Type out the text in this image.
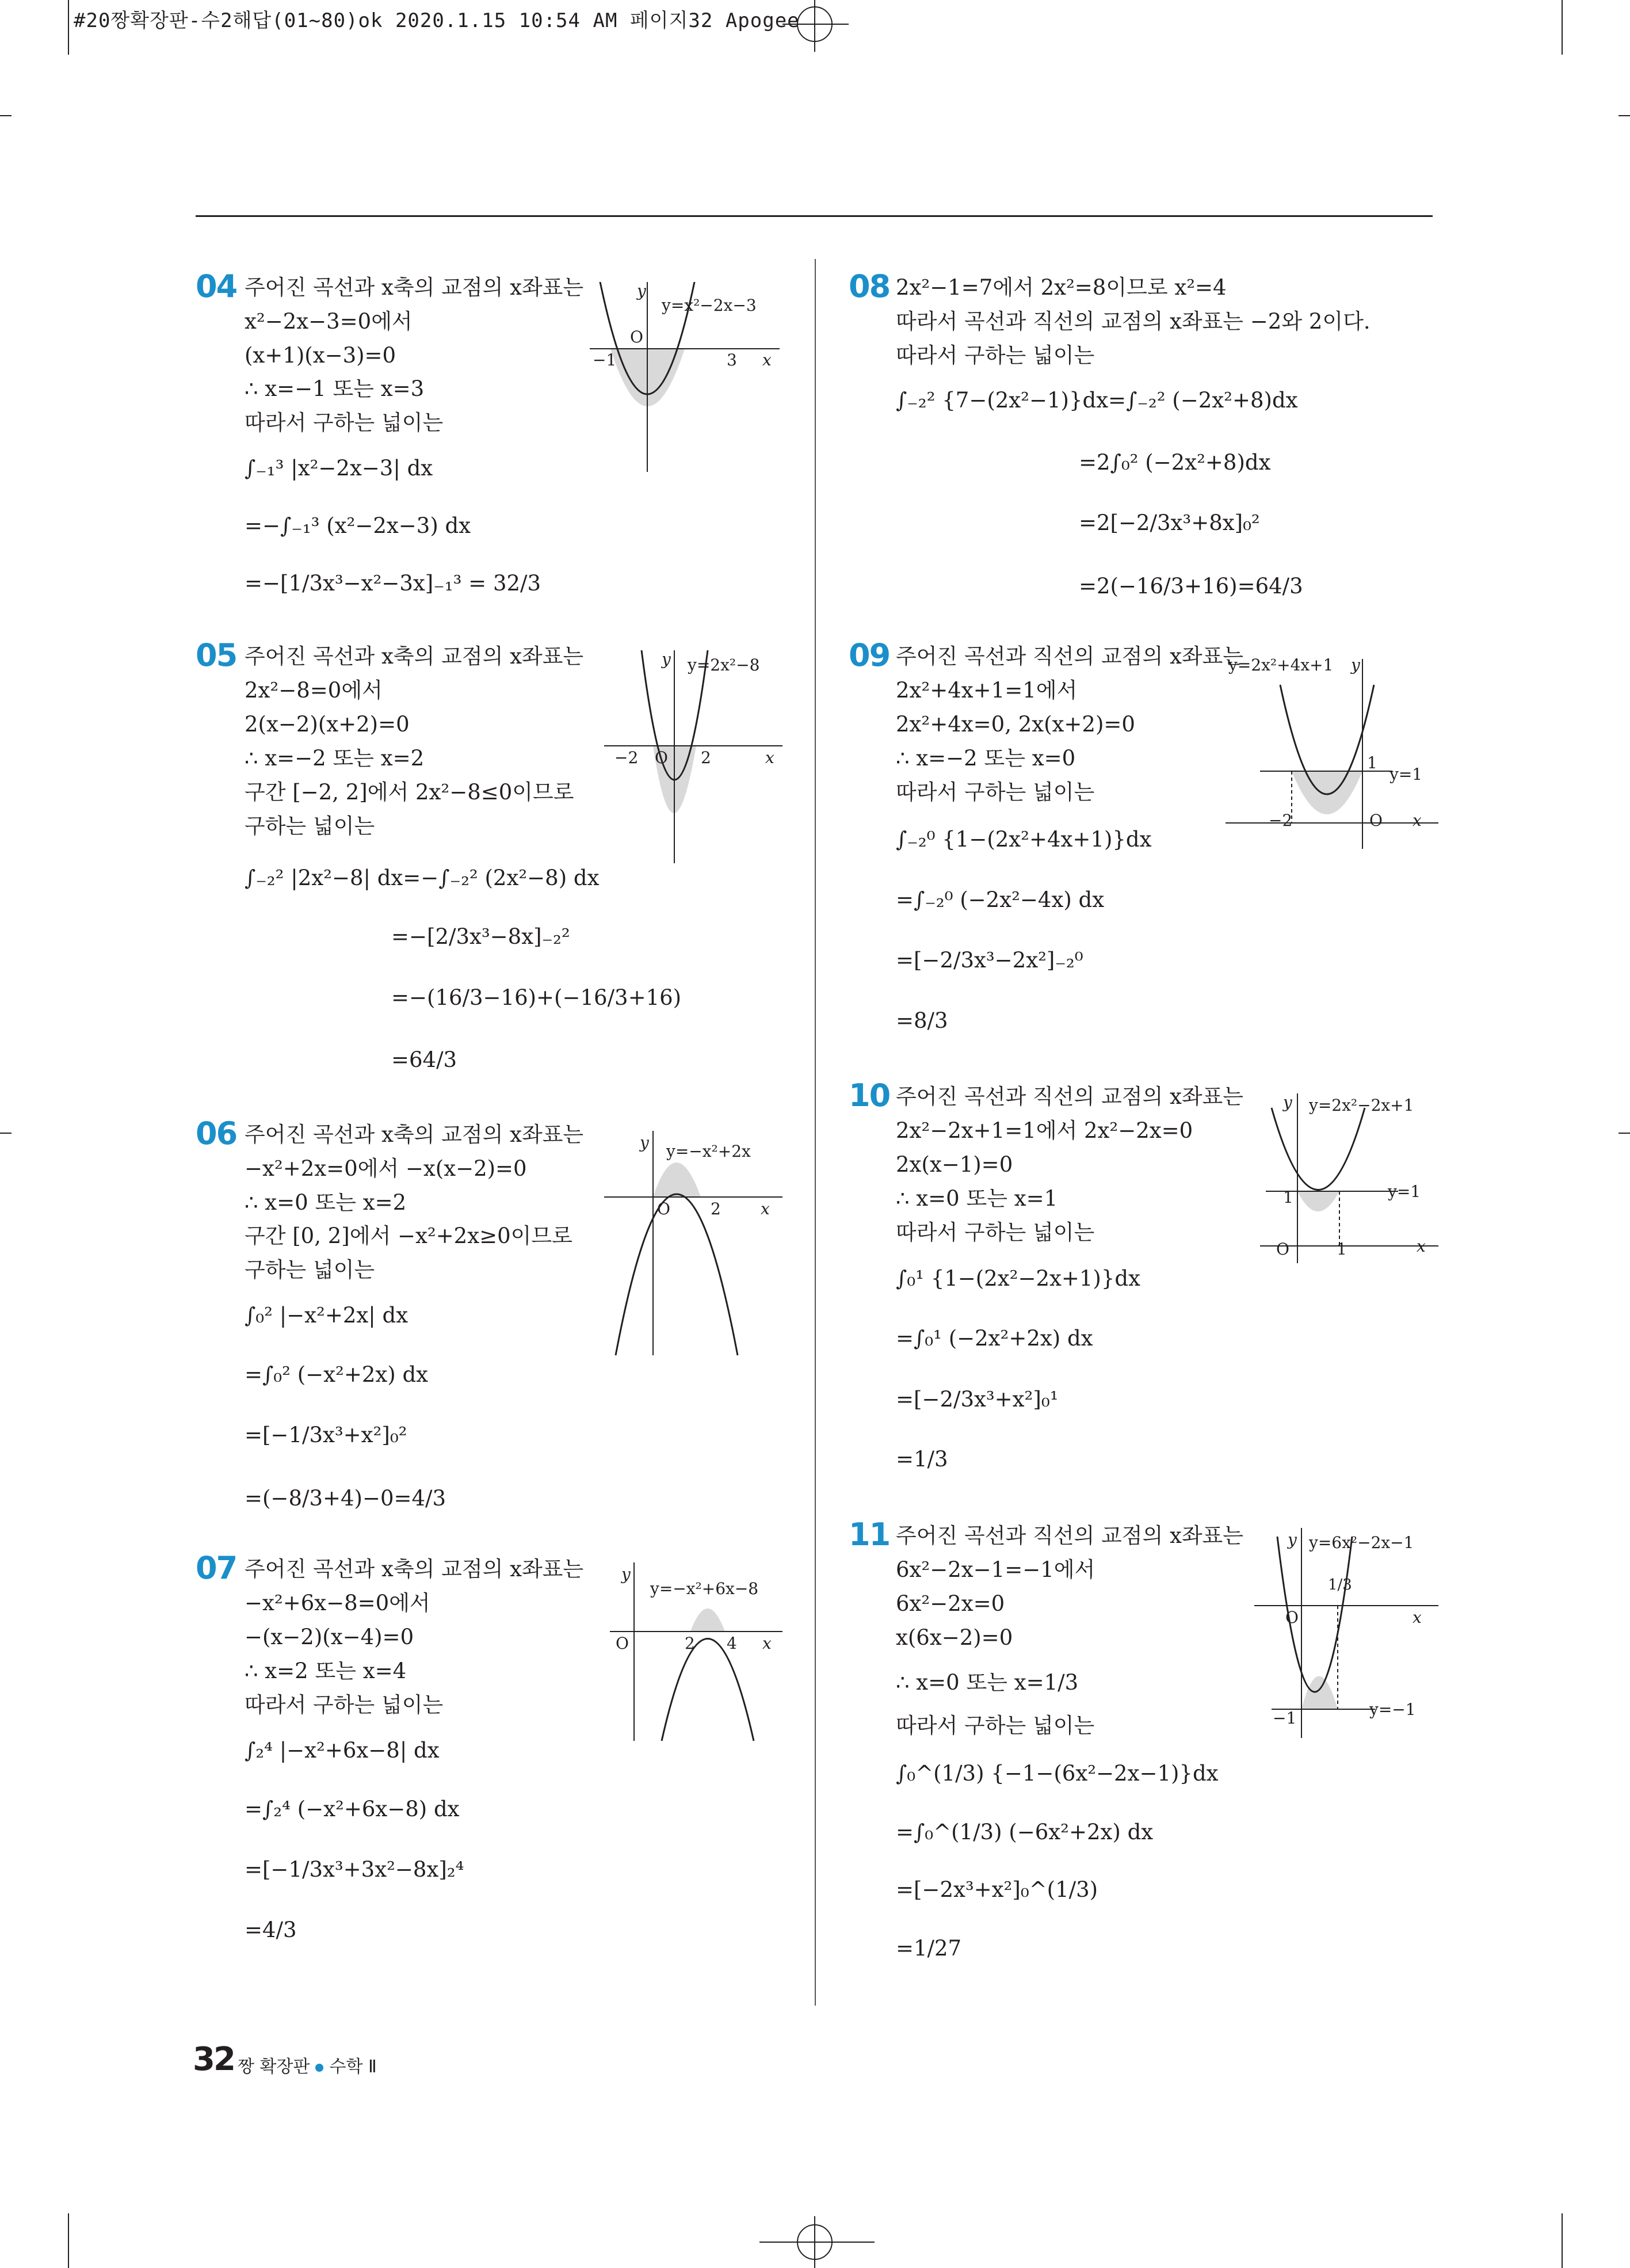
#20짱확장판-수2해답(01~80)ok 2020.1.15 10:54 AM 페이지32 Apogee
04 주어진 곡선과 x축의 교점의 x좌표는
x²−2x−3=0에서
(x+1)(x−3)=0
∴ x=−1 또는 x=3
따라서 구하는 넓이는
∫₋₁³ |x²−2x−3| dx
=−∫₋₁³ (x²−2x−3) dx
=−[1/3x³−x²−3x]₋₁³ = 32/3
y
x
O
−1	3
y=x²−2x−3
05 주어진 곡선과 x축의 교점의 x좌표는
2x²−8=0에서
2(x−2)(x+2)=0
∴ x=−2 또는 x=2
구간 [−2, 2]에서 2x²−8≤0이므로
구하는 넓이는
∫₋₂² |2x²−8| dx=−∫₋₂² (2x²−8) dx
=−[2/3x³−8x]₋₂²
=−(16/3−16)+(−16/3+16)
=64/3
y
x
O
−2	2
y=2x²−8
06 주어진 곡선과 x축의 교점의 x좌표는
−x²+2x=0에서 −x(x−2)=0
∴ x=0 또는 x=2
구간 [0, 2]에서 −x²+2x≥0이므로
구하는 넓이는
∫₀² |−x²+2x| dx
=∫₀² (−x²+2x) dx
=[−1/3x³+x²]₀²
=(−8/3+4)−0=4/3
y
x
O	2
y=−x²+2x
07 주어진 곡선과 x축의 교점의 x좌표는
−x²+6x−8=0에서
−(x−2)(x−4)=0
∴ x=2 또는 x=4
따라서 구하는 넓이는
∫₂⁴ |−x²+6x−8| dx
=∫₂⁴ (−x²+6x−8) dx
=[−1/3x³+3x²−8x]₂⁴
=4/3
y
x
O	2 4
y=−x²+6x−8
08 2x²−1=7에서 2x²=8이므로 x²=4
따라서 곡선과 직선의 교점의 x좌표는 −2와 2이다.
따라서 구하는 넓이는
∫₋₂² {7−(2x²−1)}dx=∫₋₂² (−2x²+8)dx
=2∫₀² (−2x²+8)dx
=2[−2/3x³+8x]₀²
=2(−16/3+16)=64/3
09 주어진 곡선과 직선의 교점의 x좌표는
2x²+4x+1=1에서
2x²+4x=0, 2x(x+2)=0
∴ x=−2 또는 x=0
따라서 구하는 넓이는
∫₋₂⁰ {1−(2x²+4x+1)}dx
=∫₋₂⁰ (−2x²−4x) dx
=[−2/3x³−2x²]₋₂⁰
=8/3
y
x
O
−2
1
y=1
y=2x²+4x+1
10 주어진 곡선과 직선의 교점의 x좌표는
2x²−2x+1=1에서 2x²−2x=0
2x(x−1)=0
∴ x=0 또는 x=1
따라서 구하는 넓이는
∫₀¹ {1−(2x²−2x+1)}dx
=∫₀¹ (−2x²+2x) dx
=[−2/3x³+x²]₀¹
=1/3
y
x
O	1
1	y=1
y=2x²−2x+1
11 주어진 곡선과 직선의 교점의 x좌표는
6x²−2x−1=−1에서
6x²−2x=0
x(6x−2)=0
∴ x=0 또는 x=1/3
따라서 구하는 넓이는
∫₀^(1/3) {−1−(6x²−2x−1)}dx
=∫₀^(1/3) (−6x²+2x) dx
=[−2x³+x²]₀^(1/3)
=1/27
y
x
O
1/3
−1	y=−1
y=6x²−2x−1
32 짱 확장판 수학 Ⅱ
